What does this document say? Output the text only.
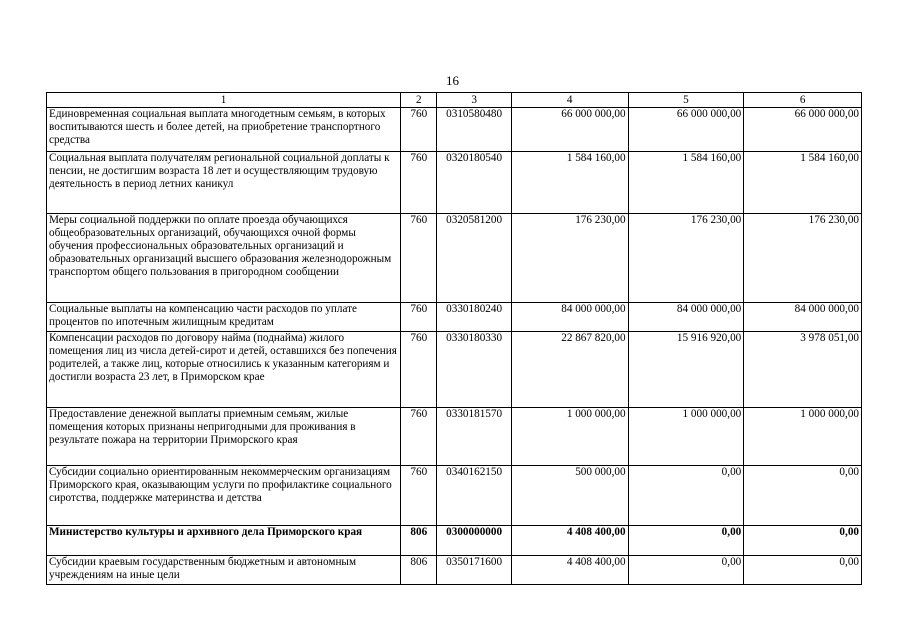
16
1	2	3	4	5	6
Единовременная социальная выплата многодетным семьям, в которых воспитываются шесть и более детей, на приобретение транспортного средства	760	0310580480	66 000 000,00	66 000 000,00	66 000 000,00
Социальная выплата получателям региональной социальной доплаты к пенсии, не достигшим возраста 18 лет и осуществляющим трудовую деятельность в период летних каникул	760	0320180540	1 584 160,00	1 584 160,00	1 584 160,00
Меры социальной поддержки по оплате проезда обучающихся общеобразовательных организаций, обучающихся очной формы обучения профессиональных образовательных организаций и образовательных организаций высшего образования железнодорожным транспортом общего пользования в пригородном сообщении	760	0320581200	176 230,00	176 230,00	176 230,00
Социальные выплаты на компенсацию части расходов по уплате процентов по ипотечным жилищным кредитам	760	0330180240	84 000 000,00	84 000 000,00	84 000 000,00
Компенсации расходов по договору найма (поднайма) жилого помещения лиц из числа детей-сирот и детей, оставшихся без попечения родителей, а также лиц, которые относились к указанным категориям и достигли возраста 23 лет, в Приморском крае	760	0330180330	22 867 820,00	15 916 920,00	3 978 051,00
Предоставление денежной выплаты приемным семьям, жилые помещения которых признаны непригодными для проживания в результате пожара на территории Приморского края	760	0330181570	1 000 000,00	1 000 000,00	1 000 000,00
Субсидии социально ориентированным некоммерческим организациям Приморского края, оказывающим услуги по профилактике социального сиротства, поддержке материнства и детства	760	0340162150	500 000,00	0,00	0,00
Министерство культуры и архивного дела Приморского края	806	0300000000	4 408 400,00	0,00	0,00
Субсидии краевым государственным бюджетным и автономным учреждениям на иные цели	806	0350171600	4 408 400,00	0,00	0,00
